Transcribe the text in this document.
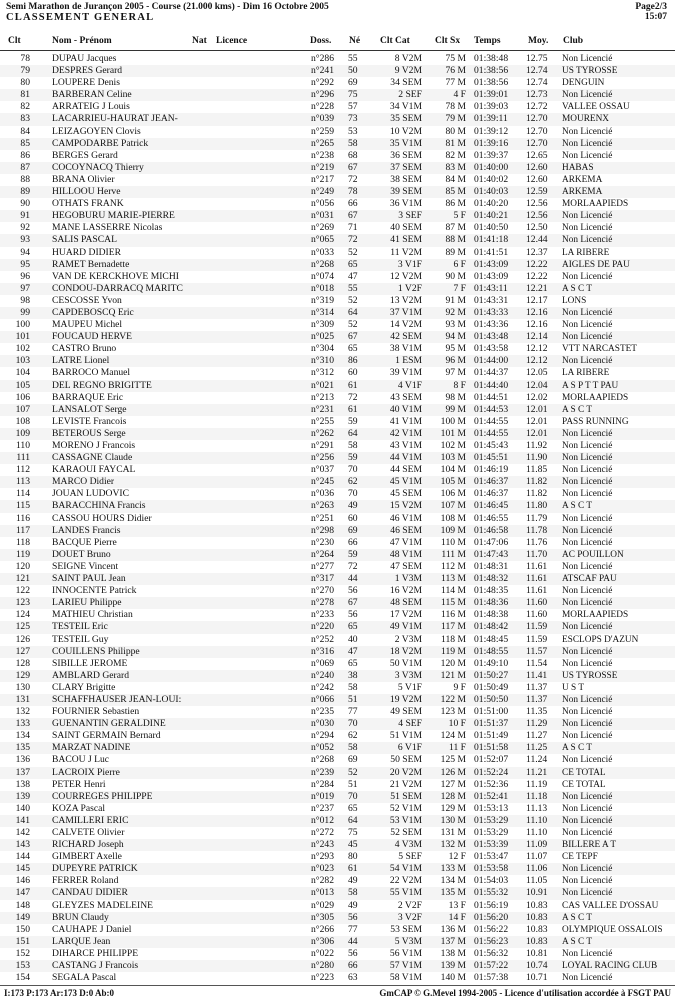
Semi Marathon de Jurançon 2005 - Course (21.000 kms) - Dim 16 Octobre 2005
CLASSEMENT GENERAL
Page2/3
15:07
Clt	Nom - Prénom	Nat Licence	Doss. Né Clt Cat	Clt Sx Temps	Moy. Club
78 DUPAU Jacques	n°286 55	8 V2M	75 M 01:38:48	12.75	Non Licencié
79 DESPRES Gerard	n°241 50	9 V2M	76 M 01:38:56	12.74	US TYROSSE
80 LOUPERE Denis	n°292 69	34 SEM	77 M 01:38:56	12.74	DENGUIN
81 BARBERAN Celine	n°296 75	2 SEF	4 F 01:39:01	12.73	Non Licencié
82 ARRATEIG J Louis	n°228 57	34 V1M	78 M 01:39:03	12.72	VALLEE OSSAU
83 LACARRIEU-HAURAT JEAN-	n°039 73	35 SEM	79 M 01:39:11	12.70	MOURENX
84 LEIZAGOYEN Clovis	n°259 53	10 V2M	80 M 01:39:12	12.70	Non Licencié
85 CAMPODARBE Patrick	n°265 58	35 V1M	81 M 01:39:16	12.70	Non Licencié
86 BERGES Gerard	n°238 68	36 SEM	82 M 01:39:37	12.65	Non Licencié
87 COCOYNACQ Thierry	n°219 67	37 SEM	83 M 01:40:00	12.60	HABAS
88 BRANA Olivier	n°217 72	38 SEM	84 M 01:40:02	12.60	ARKEMA
89 HILLOOU Herve	n°249 78	39 SEM	85 M 01:40:03	12.59	ARKEMA
90 OTHATS FRANK	n°056 66	36 V1M	86 M 01:40:20	12.56	MORLAAPIEDS
91 HEGOBURU MARIE-PIERRE	n°031 67	3 SEF	5 F 01:40:21	12.56	Non Licencié
92 MANE LASSERRE Nicolas	n°269 71	40 SEM	87 M 01:40:50	12.50	Non Licencié
93 SALIS PASCAL	n°065 72	41 SEM	88 M 01:41:18	12.44	Non Licencié
94 HUARD DIDIER	n°033 52	11 V2M	89 M 01:41:51	12.37	LA RIBERE
95 RAMET Bernadette	n°268 65	3 V1F	6 F 01:43:09	12.22	AIGLES DE PAU
96 VAN DE KERCKHOVE MICHI	n°074 47	12 V2M	90 M 01:43:09	12.22	Non Licencié
97 CONDOU-DARRACQ MARITC	n°018 55	1 V2F	7 F 01:43:11	12.21	A S C T
98 CESCOSSE Yvon	n°319 52	13 V2M	91 M 01:43:31	12.17	LONS
99 CAPDEBOSCQ Eric	n°314 64	37 V1M	92 M 01:43:33	12.16	Non Licencié
100 MAUPEU Michel	n°309 52	14 V2M	93 M 01:43:36	12.16	Non Licencié
101 FOUCAUD HERVE	n°025 67	42 SEM	94 M 01:43:48	12.14	Non Licencié
102 CASTRO Bruno	n°304 65	38 V1M	95 M 01:43:58	12.12	VTT NARCASTET
103 LATRE Lionel	n°310 86	1 ESM	96 M 01:44:00	12.12	Non Licencié
104 BARROCO Manuel	n°312 60	39 V1M	97 M 01:44:37	12.05	LA RIBERE
105 DEL REGNO BRIGITTE	n°021 61	4 V1F	8 F 01:44:40	12.04	A S P T T PAU
106 BARRAQUE Eric	n°213 72	43 SEM	98 M 01:44:51	12.02	MORLAAPIEDS
107 LANSALOT Serge	n°231 61	40 V1M	99 M 01:44:53	12.01	A S C T
108 LEVISTE Francois	n°255 59	41 V1M	100 M 01:44:55	12.01	PASS RUNNING
109 BETEROUS Serge	n°262 64	42 V1M	101 M 01:44:55	12.01	Non Licencié
110 MORENO J Francois	n°291 58	43 V1M	102 M 01:45:43	11.92	Non Licencié
111 CASSAGNE Claude	n°256 59	44 V1M	103 M 01:45:51	11.90	Non Licencié
112 KARAOUI FAYCAL	n°037 70	44 SEM	104 M 01:46:19	11.85	Non Licencié
113 MARCO Didier	n°245 62	45 V1M	105 M 01:46:37	11.82	Non Licencié
114 JOUAN LUDOVIC	n°036 70	45 SEM	106 M 01:46:37	11.82	Non Licencié
115 BARACCHINA Francis	n°263 49	15 V2M	107 M 01:46:45	11.80	A S C T
116 CASSOU HOURS Didier	n°251 60	46 V1M	108 M 01:46:55	11.79	Non Licencié
117 LANDES Francis	n°298 69	46 SEM	109 M 01:46:58	11.78	Non Licencié
118 BACQUE Pierre	n°230 66	47 V1M	110 M 01:47:06	11.76	Non Licencié
119 DOUET Bruno	n°264 59	48 V1M	111 M 01:47:43	11.70	AC POUILLON
120 SEIGNE Vincent	n°277 72	47 SEM	112 M 01:48:31	11.61	Non Licencié
121 SAINT PAUL Jean	n°317 44	1 V3M	113 M 01:48:32	11.61	ATSCAF PAU
122 INNOCENTE Patrick	n°270 56	16 V2M	114 M 01:48:35	11.61	Non Licencié
123 LARIEU Philippe	n°278 67	48 SEM	115 M 01:48:36	11.60	Non Licencié
124 MATHIEU Christian	n°233 56	17 V2M	116 M 01:48:38	11.60	MORLAAPIEDS
125 TESTEIL Eric	n°220 65	49 V1M	117 M 01:48:42	11.59	Non Licencié
126 TESTEIL Guy	n°252 40	2 V3M	118 M 01:48:45	11.59	ESCLOPS D'AZUN
127 COUILLENS Philippe	n°316 47	18 V2M	119 M 01:48:55	11.57	Non Licencié
128 SIBILLE JEROME	n°069 65	50 V1M	120 M 01:49:10	11.54	Non Licencié
129 AMBLARD Gerard	n°240 38	3 V3M	121 M 01:50:27	11.41	US TYROSSE
130 CLARY Brigitte	n°242 58	5 V1F	9 F 01:50:49	11.37	U S T
131 SCHAFFHAUSER JEAN-LOUI:	n°066 51	19 V2M	122 M 01:50:50	11.37	Non Licencié
132 FOURNIER Sebastien	n°235 77	49 SEM	123 M 01:51:00	11.35	Non Licencié
133 GUENANTIN GERALDINE	n°030 70	4 SEF	10 F 01:51:37	11.29	Non Licencié
134 SAINT GERMAIN Bernard	n°294 62	51 V1M	124 M 01:51:49	11.27	Non Licencié
135 MARZAT NADINE	n°052 58	6 V1F	11 F 01:51:58	11.25	A S C T
136 BACOU J Luc	n°268 69	50 SEM	125 M 01:52:07	11.24	Non Licencié
137 LACROIX Pierre	n°239 52	20 V2M	126 M 01:52:24	11.21	CE TOTAL
138 PETER Henri	n°284 51	21 V2M	127 M 01:52:36	11.19	CE TOTAL
139 COURREGES PHILIPPE	n°019 70	51 SEM	128 M 01:52:41	11.18	Non Licencié
140 KOZA Pascal	n°237 65	52 V1M	129 M 01:53:13	11.13	Non Licencié
141 CAMILLERI ERIC	n°012 64	53 V1M	130 M 01:53:29	11.10	Non Licencié
142 CALVETE Olivier	n°272 75	52 SEM	131 M 01:53:29	11.10	Non Licencié
143 RICHARD Joseph	n°243 45	4 V3M	132 M 01:53:39	11.09	BILLERE A T
144 GIMBERT Axelle	n°293 80	5 SEF	12 F 01:53:47	11.07	CE TEPF
145 DUPEYRE PATRICK	n°023 61	54 V1M	133 M 01:53:58	11.06	Non Licencié
146 FERRER Roland	n°282 49	22 V2M	134 M 01:54:03	11.05	Non Licencié
147 CANDAU DIDIER	n°013 58	55 V1M	135 M 01:55:32	10.91	Non Licencié
148 GLEYZES MADELEINE	n°029 49	2 V2F	13 F 01:56:19	10.83	CAS VALLEE D'OSSAU
149 BRUN Claudy	n°305 56	3 V2F	14 F 01:56:20	10.83	A S C T
150 CAUHAPE J Daniel	n°266 77	53 SEM	136 M 01:56:22	10.83	OLYMPIQUE OSSALOIS
151 LARQUE Jean	n°306 44	5 V3M	137 M 01:56:23	10.83	A S C T
152 DIHARCE PHILIPPE	n°022 56	56 V1M	138 M 01:56:32	10.81	Non Licencié
153 CASTANG J Francois	n°280 66	57 V1M	139 M 01:57:22	10.74	LOYAL RACING CLUB
154 SEGALA Pascal	n°223 63	58 V1M	140 M 01:57:38	10.71	Non Licencié
I:173 P:173 Ar:173 D:0 Ab:0	GmCAP © G.Mevel 1994-2005 - Licence d'utilisation accordée à FSGT PAU
